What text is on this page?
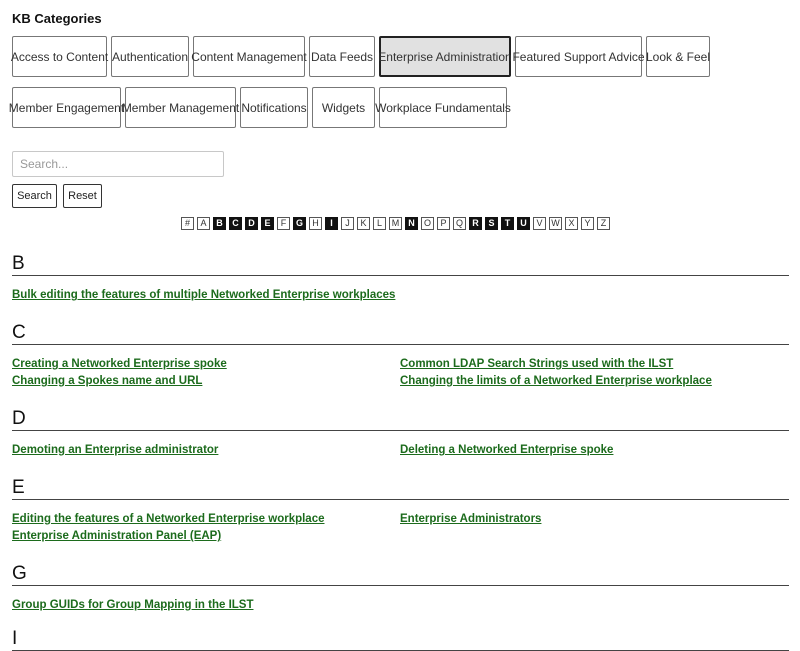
KB Categories
Access to Content Authentication Content Management Data Feeds Enterprise Administration Featured Support Advice Look & Feel
Member Engagement
Member Management Notifications	Widgets Workplace Fundamentals
Search...
Search	Reset
#	A	B	C	D	E	F	G	H	I	J	K	L	M	N	O	P	Q	R	S	T	U	V W X	Y	Z
B
Bulk editing the features of multiple Networked Enterprise workplaces
C
Creating a Networked Enterprise spoke	Common LDAP Search Strings used with the ILST
Changing a Spokes name and URL	Changing the limits of a Networked Enterprise workplace
D
Demoting an Enterprise administrator	Deleting a Networked Enterprise spoke
E
Editing the features of a Networked Enterprise workplace	Enterprise Administrators
Enterprise Administration Panel (EAP)
G
Group GUIDs for Group Mapping in the ILST
I
